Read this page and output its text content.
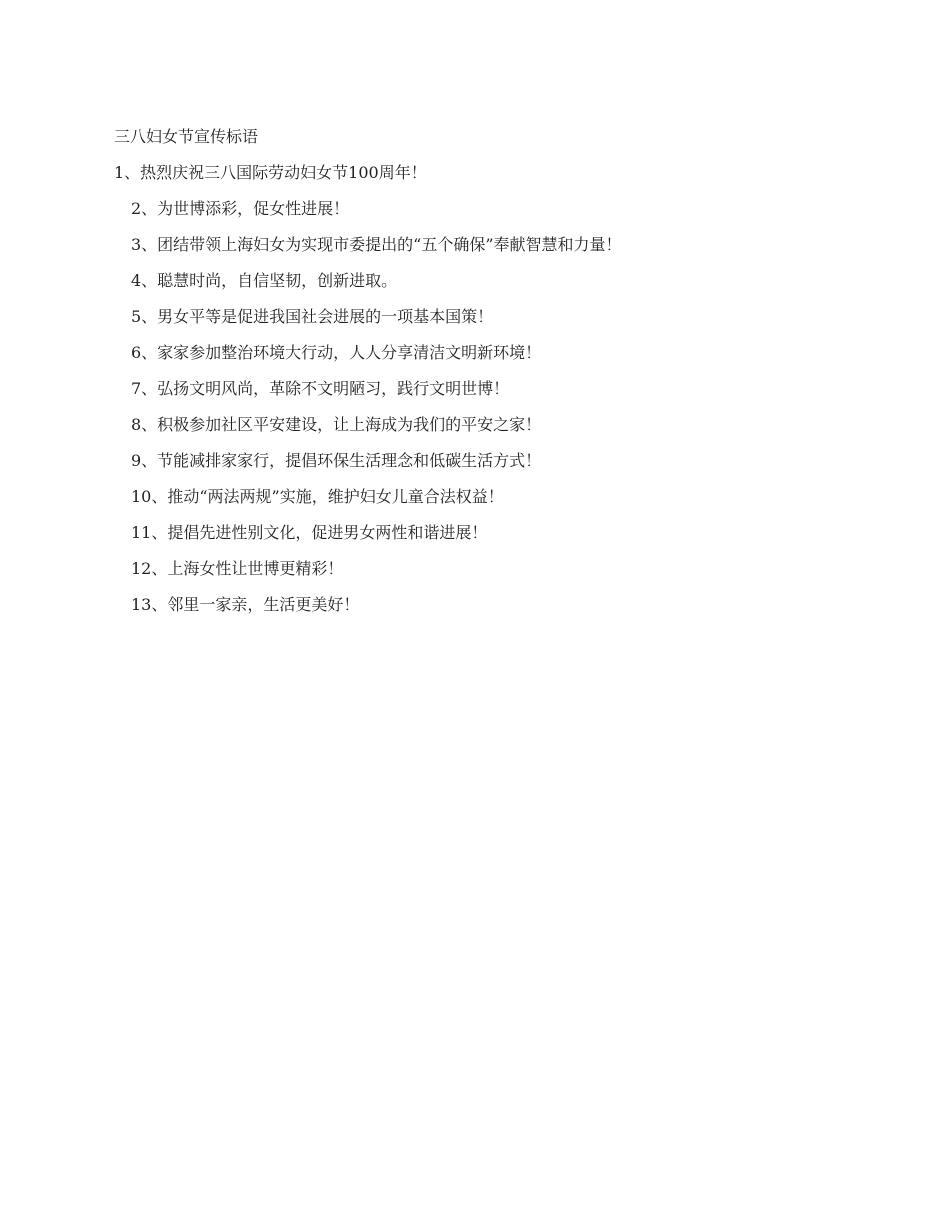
三八妇女节宣传标语
1、热烈庆祝三八国际劳动妇女节100周年！
2、为世博添彩，促女性进展！
3、团结带领上海妇女为实现市委提出的“五个确保”奉献智慧和力量！
4、聪慧时尚，自信坚韧，创新进取。
5、男女平等是促进我国社会进展的一项基本国策！
6、家家参加整治环境大行动，人人分享清洁文明新环境！
7、弘扬文明风尚，革除不文明陋习，践行文明世博！
8、积极参加社区平安建设，让上海成为我们的平安之家！
9、节能减排家家行，提倡环保生活理念和低碳生活方式！
10、推动“两法两规”实施，维护妇女儿童合法权益！
11、提倡先进性别文化，促进男女两性和谐进展！
12、上海女性让世博更精彩！
13、邻里一家亲，生活更美好！
